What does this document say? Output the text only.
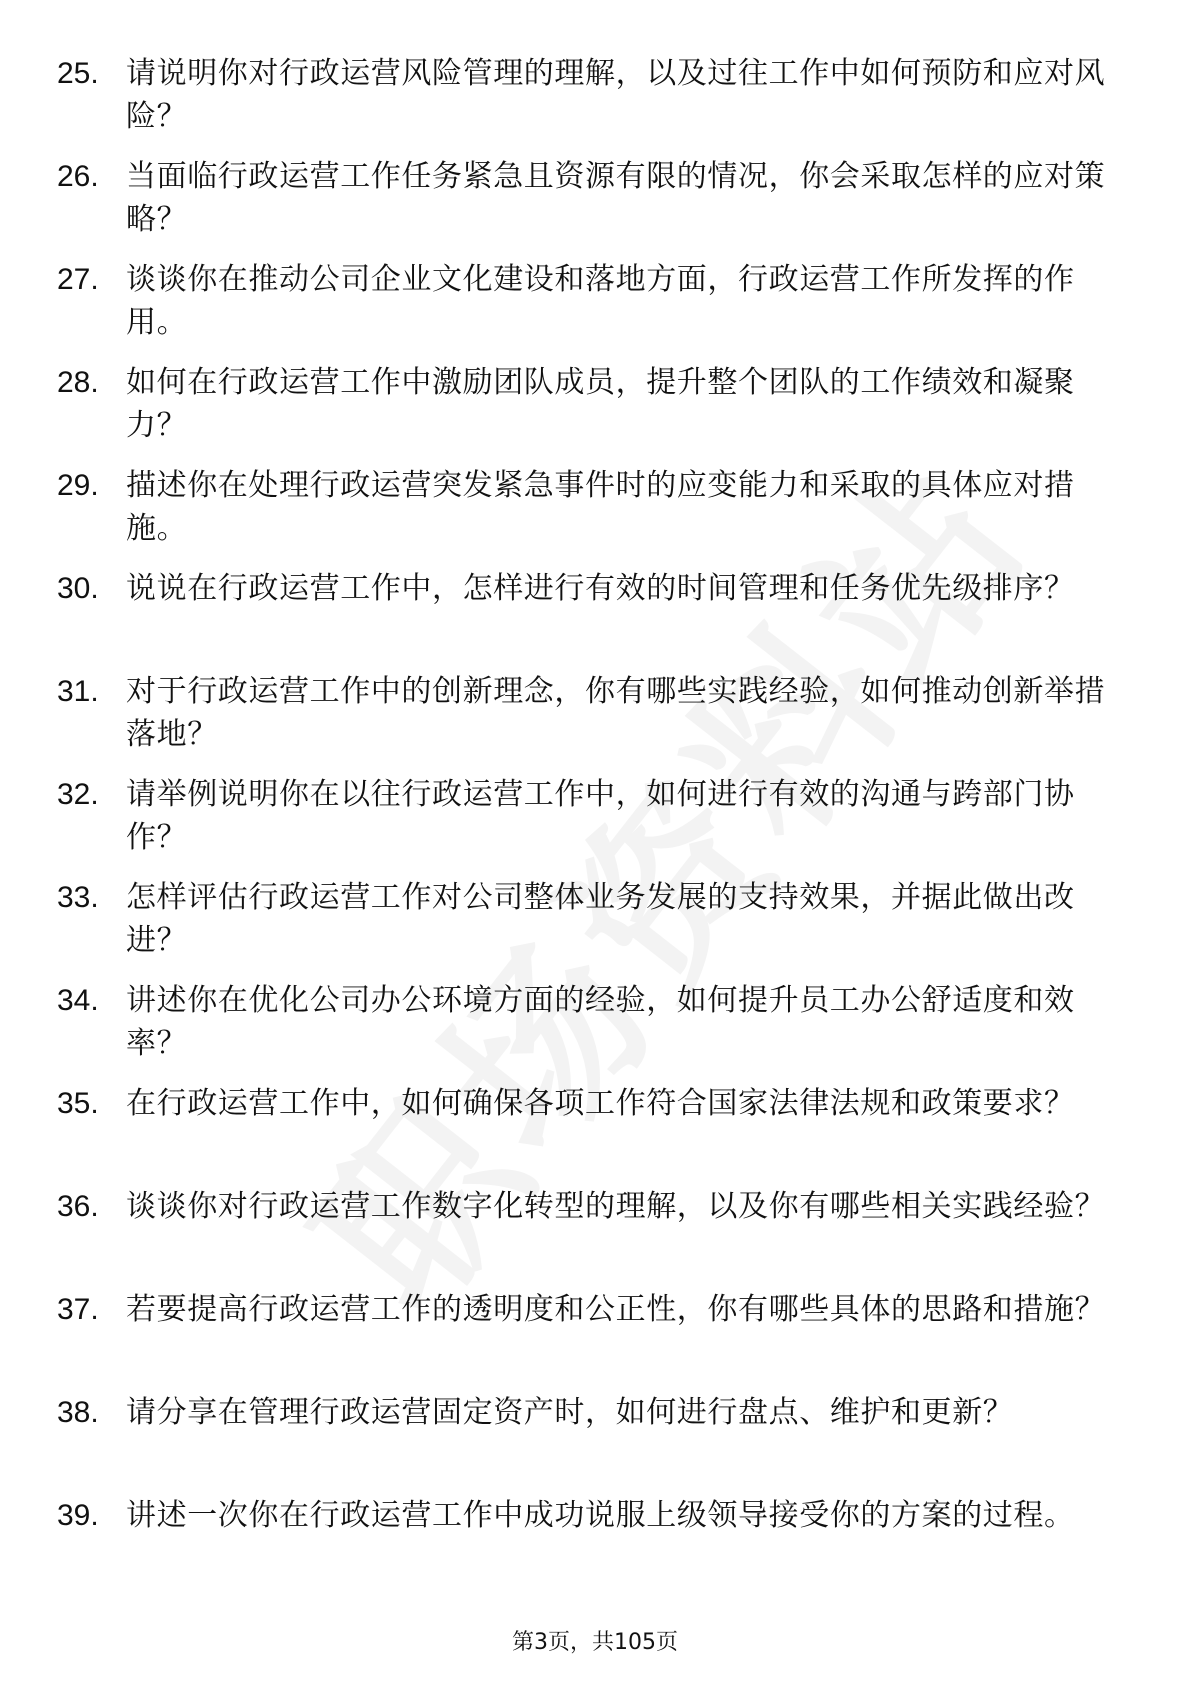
25. 请说明你对行政运营风险管理的理解，以及过往工作中如何预防和应对风险？
26. 当面临行政运营工作任务紧急且资源有限的情况，你会采取怎样的应对策略？
27. 谈谈你在推动公司企业文化建设和落地方面，行政运营工作所发挥的作用。
28. 如何在行政运营工作中激励团队成员，提升整个团队的工作绩效和凝聚力？
29. 描述你在处理行政运营突发紧急事件时的应变能力和采取的具体应对措施。
30. 说说在行政运营工作中，怎样进行有效的时间管理和任务优先级排序？
31. 对于行政运营工作中的创新理念，你有哪些实践经验，如何推动创新举措落地？
32. 请举例说明你在以往行政运营工作中，如何进行有效的沟通与跨部门协作？
33. 怎样评估行政运营工作对公司整体业务发展的支持效果，并据此做出改进？
34. 讲述你在优化公司办公环境方面的经验，如何提升员工办公舒适度和效率？
35. 在行政运营工作中，如何确保各项工作符合国家法律法规和政策要求？
36. 谈谈你对行政运营工作数字化转型的理解，以及你有哪些相关实践经验？
37. 若要提高行政运营工作的透明度和公正性，你有哪些具体的思路和措施？
38. 请分享在管理行政运营固定资产时，如何进行盘点、维护和更新？
39. 讲述一次你在行政运营工作中成功说服上级领导接受你的方案的过程。
第3页，共105页
